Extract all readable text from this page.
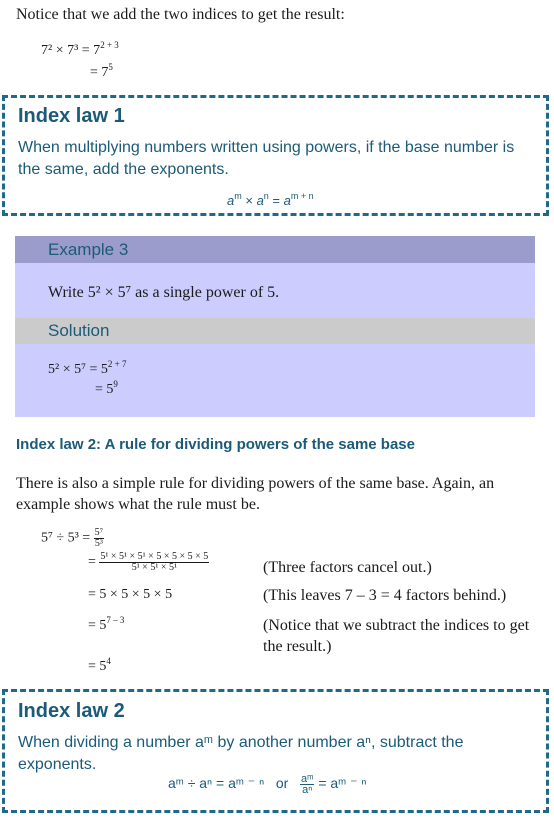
Notice that we add the two indices to get the result:
$7^2 \times 7^3 = 7^{2 + 3}$
= $7^5$
Index law 1
When multiplying numbers written using powers, if the base number is the same, add the exponents.
$a^m \times a^n = a^{m + n}$
Example 3
Write 5² × 5⁷ as a single power of 5.
Solution
$5^2 \times 5^7 = 5^{2 + 7}$
= $5^9$
Index law 2: A rule for dividing powers of the same base
There is also a simple rule for dividing powers of the same base. Again, an example shows what the rule must be.
$5^7 \div 5^3 = \frac{\text{5⁷}}{\text{5³}}$
= $\frac{\text{5¹ × 5¹ × 5¹ × 5 × 5 × 5 × 5}}{\text{5¹ × 5¹ × 5¹}}$	(Three factors cancel out.)
= 5 × 5 × 5 × 5	(This leaves 7 – 3 = 4 factors behind.)
= $5^{7 - 3}$	(Notice that we subtract the indices to get the result.)
= $5^4$
Index law 2
When dividing a number aᵐ by another number aⁿ, subtract the exponents.
aᵐ ÷ aⁿ = aᵐ ⁻ ⁿ or $\frac{\text{aᵐ}}{\text{aⁿ}}$ = aᵐ ⁻ ⁿ
